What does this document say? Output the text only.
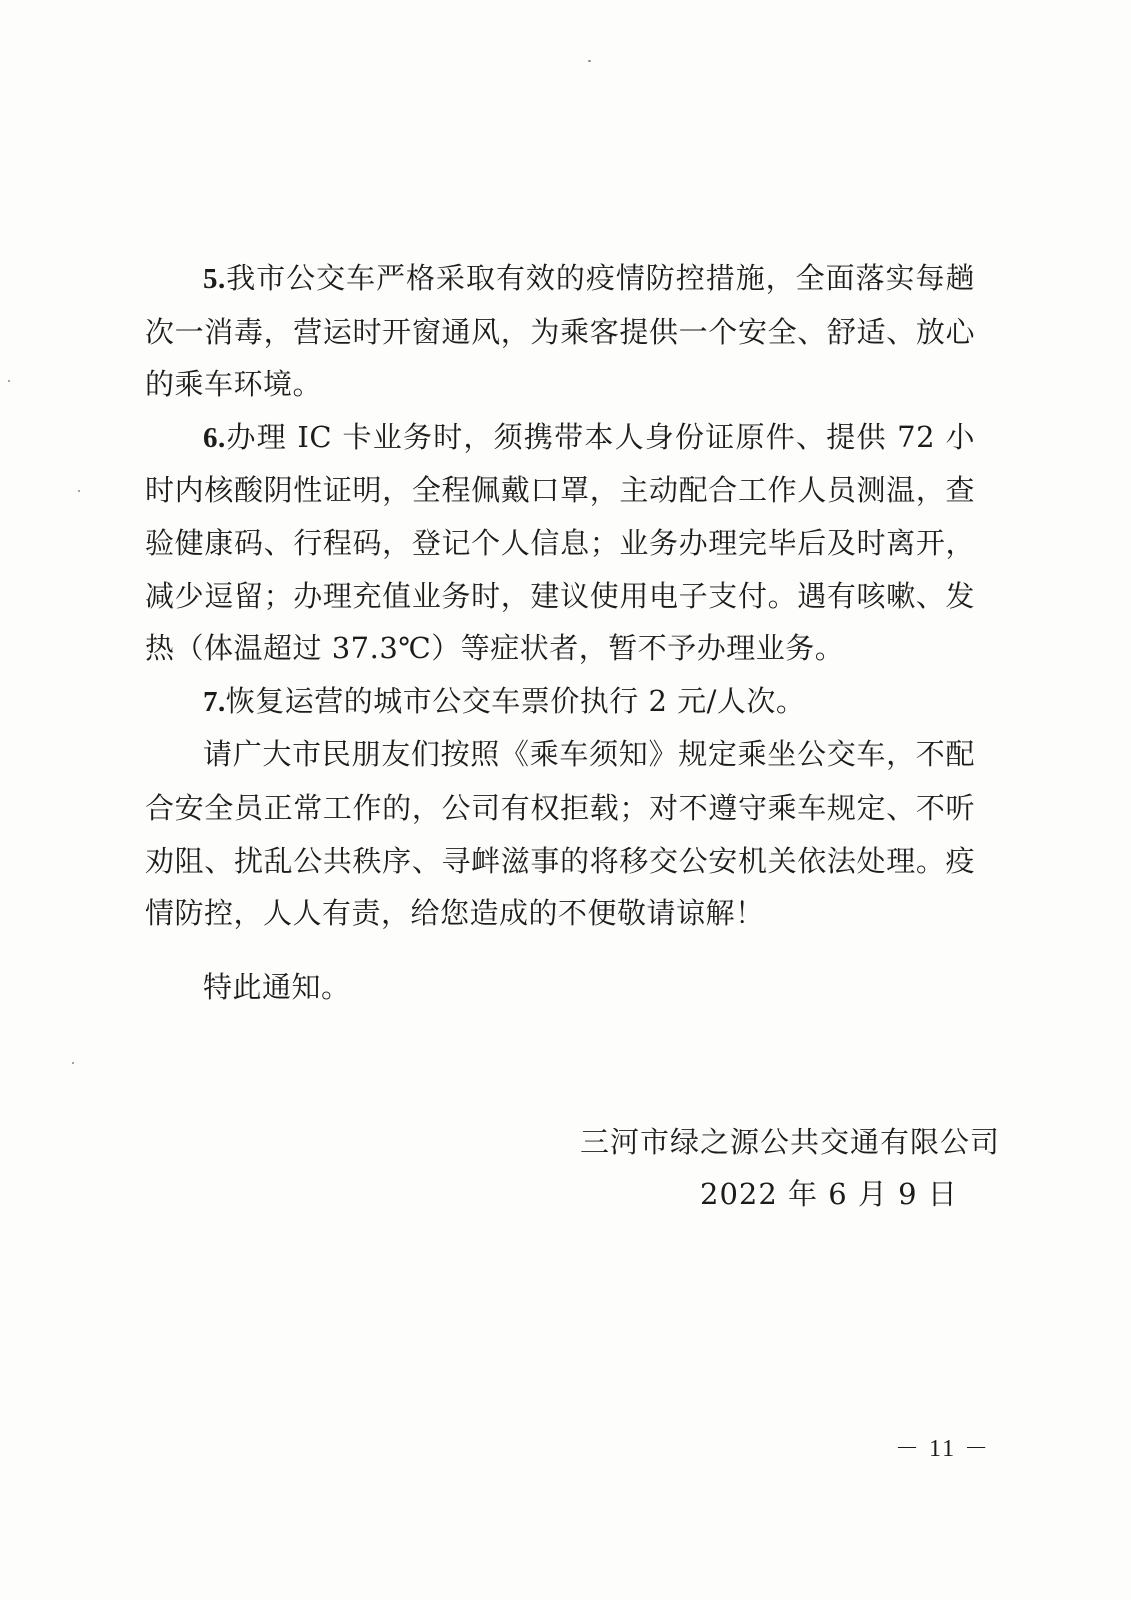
5.我市公交车严格采取有效的疫情防控措施，全面落实每趟次一消毒，营运时开窗通风，为乘客提供一个安全、舒适、放心的乘车环境。

6.办理 IC 卡业务时，须携带本人身份证原件、提供 72 小时内核酸阴性证明，全程佩戴口罩，主动配合工作人员测温，查验健康码、行程码，登记个人信息；业务办理完毕后及时离开，减少逗留；办理充值业务时，建议使用电子支付。遇有咳嗽、发热（体温超过 37.3℃）等症状者，暂不予办理业务。

7.恢复运营的城市公交车票价执行 2 元/人次。

请广大市民朋友们按照《乘车须知》规定乘坐公交车，不配合安全员正常工作的，公司有权拒载；对不遵守乘车规定、不听劝阻、扰乱公共秩序、寻衅滋事的将移交公安机关依法处理。疫情防控，人人有责，给您造成的不便敬请谅解！

特此通知。

三河市绿之源公共交通有限公司

2022 年 6 月 9 日

－ 11 －
